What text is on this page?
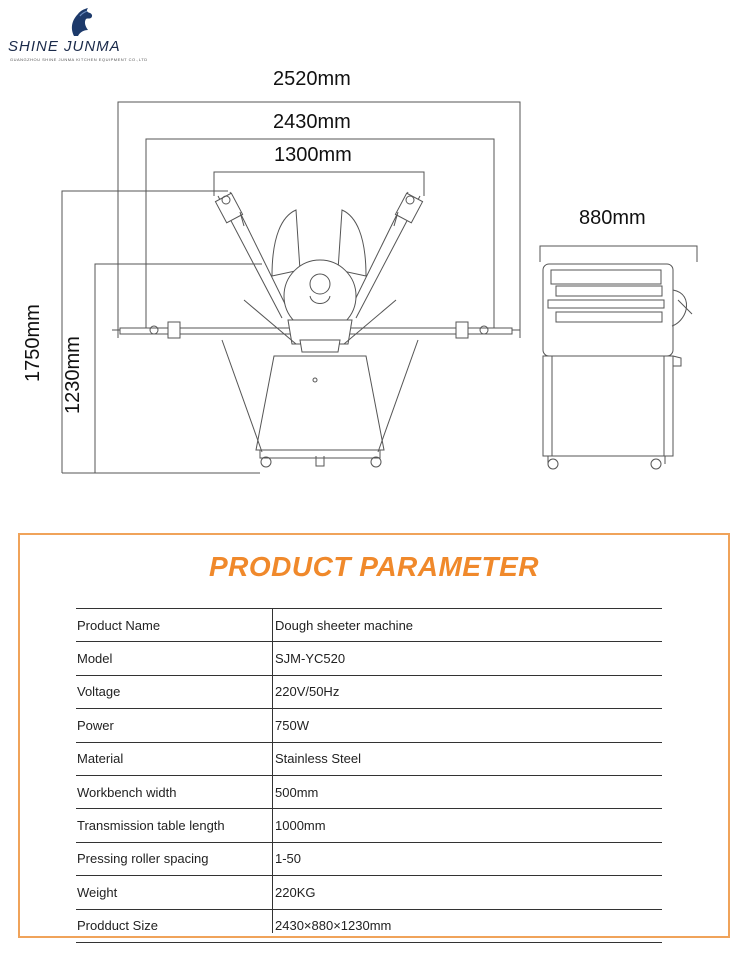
SHINE JUNMA
GUANGZHOU SHINE JUNMA KITCHEN EQUIPMENT CO.,LTD
2520mm
2430mm
1300mm
880mm
1750mm 1230mm
PRODUCT PARAMETER
Product Name	Dough sheeter machine
Model	SJM-YC520
Voltage	220V/50Hz
Power	750W
Material	Stainless Steel
Workbench width	500mm
Transmission table length	1000mm
Pressing roller spacing	1-50
Weight	220KG
Prodduct Size	2430×880×1230mm
